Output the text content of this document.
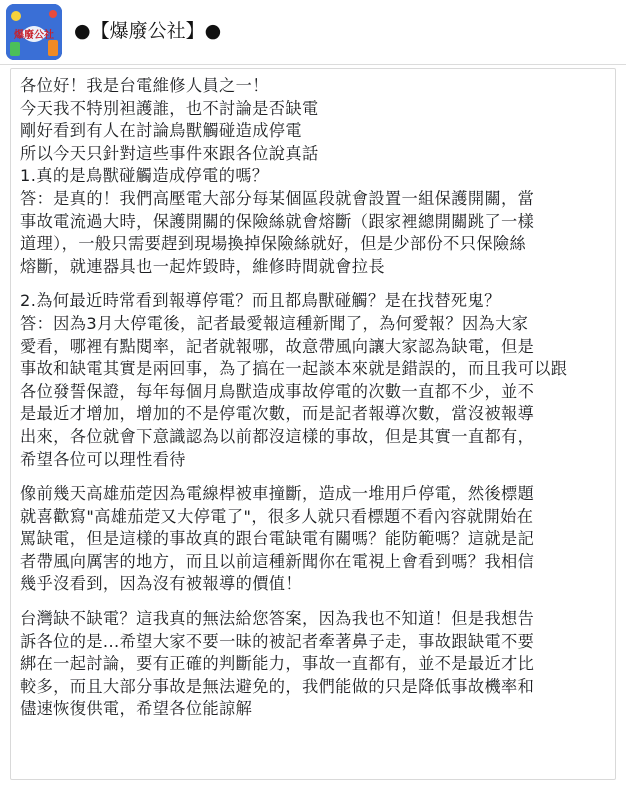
爆廢公社 ●【爆廢公社】●
各位好！我是台電維修人員之一！
今天我不特別袒護誰，也不討論是否缺電
剛好看到有人在討論鳥獸觸碰造成停電
所以今天只針對這些事件來跟各位說真話
1.真的是鳥獸碰觸造成停電的嗎？
答：是真的！我們高壓電大部分每某個區段就會設置一組保護開關，當
事故電流過大時，保護開關的保險絲就會熔斷（跟家裡總開關跳了一樣
道理），一般只需要趕到現場換掉保險絲就好，但是少部份不只保險絲
熔斷，就連器具也一起炸毀時，維修時間就會拉長
2.為何最近時常看到報導停電？而且都鳥獸碰觸？是在找替死鬼？
答：因為3月大停電後，記者最愛報這種新聞了，為何愛報？因為大家
愛看，哪裡有點閱率，記者就報哪，故意帶風向讓大家認為缺電，但是
事故和缺電其實是兩回事，為了搞在一起談本來就是錯誤的，而且我可以跟
各位發誓保證，每年每個月鳥獸造成事故停電的次數一直都不少，並不
是最近才增加，增加的不是停電次數，而是記者報導次數，當沒被報導
出來，各位就會下意識認為以前都沒這樣的事故，但是其實一直都有，
希望各位可以理性看待
像前幾天高雄茄萣因為電線桿被車撞斷，造成一堆用戶停電，然後標題
就喜歡寫"高雄茄萣又大停電了"，很多人就只看標題不看內容就開始在
罵缺電，但是這樣的事故真的跟台電缺電有關嗎？能防範嗎？這就是記
者帶風向厲害的地方，而且以前這種新聞你在電視上會看到嗎？我相信
幾乎沒看到，因為沒有被報導的價值！
台灣缺不缺電？這我真的無法給您答案，因為我也不知道！但是我想告
訴各位的是...希望大家不要一昧的被記者牽著鼻子走，事故跟缺電不要
綁在一起討論，要有正確的判斷能力，事故一直都有，並不是最近才比
較多，而且大部分事故是無法避免的，我們能做的只是降低事故機率和
儘速恢復供電，希望各位能諒解
